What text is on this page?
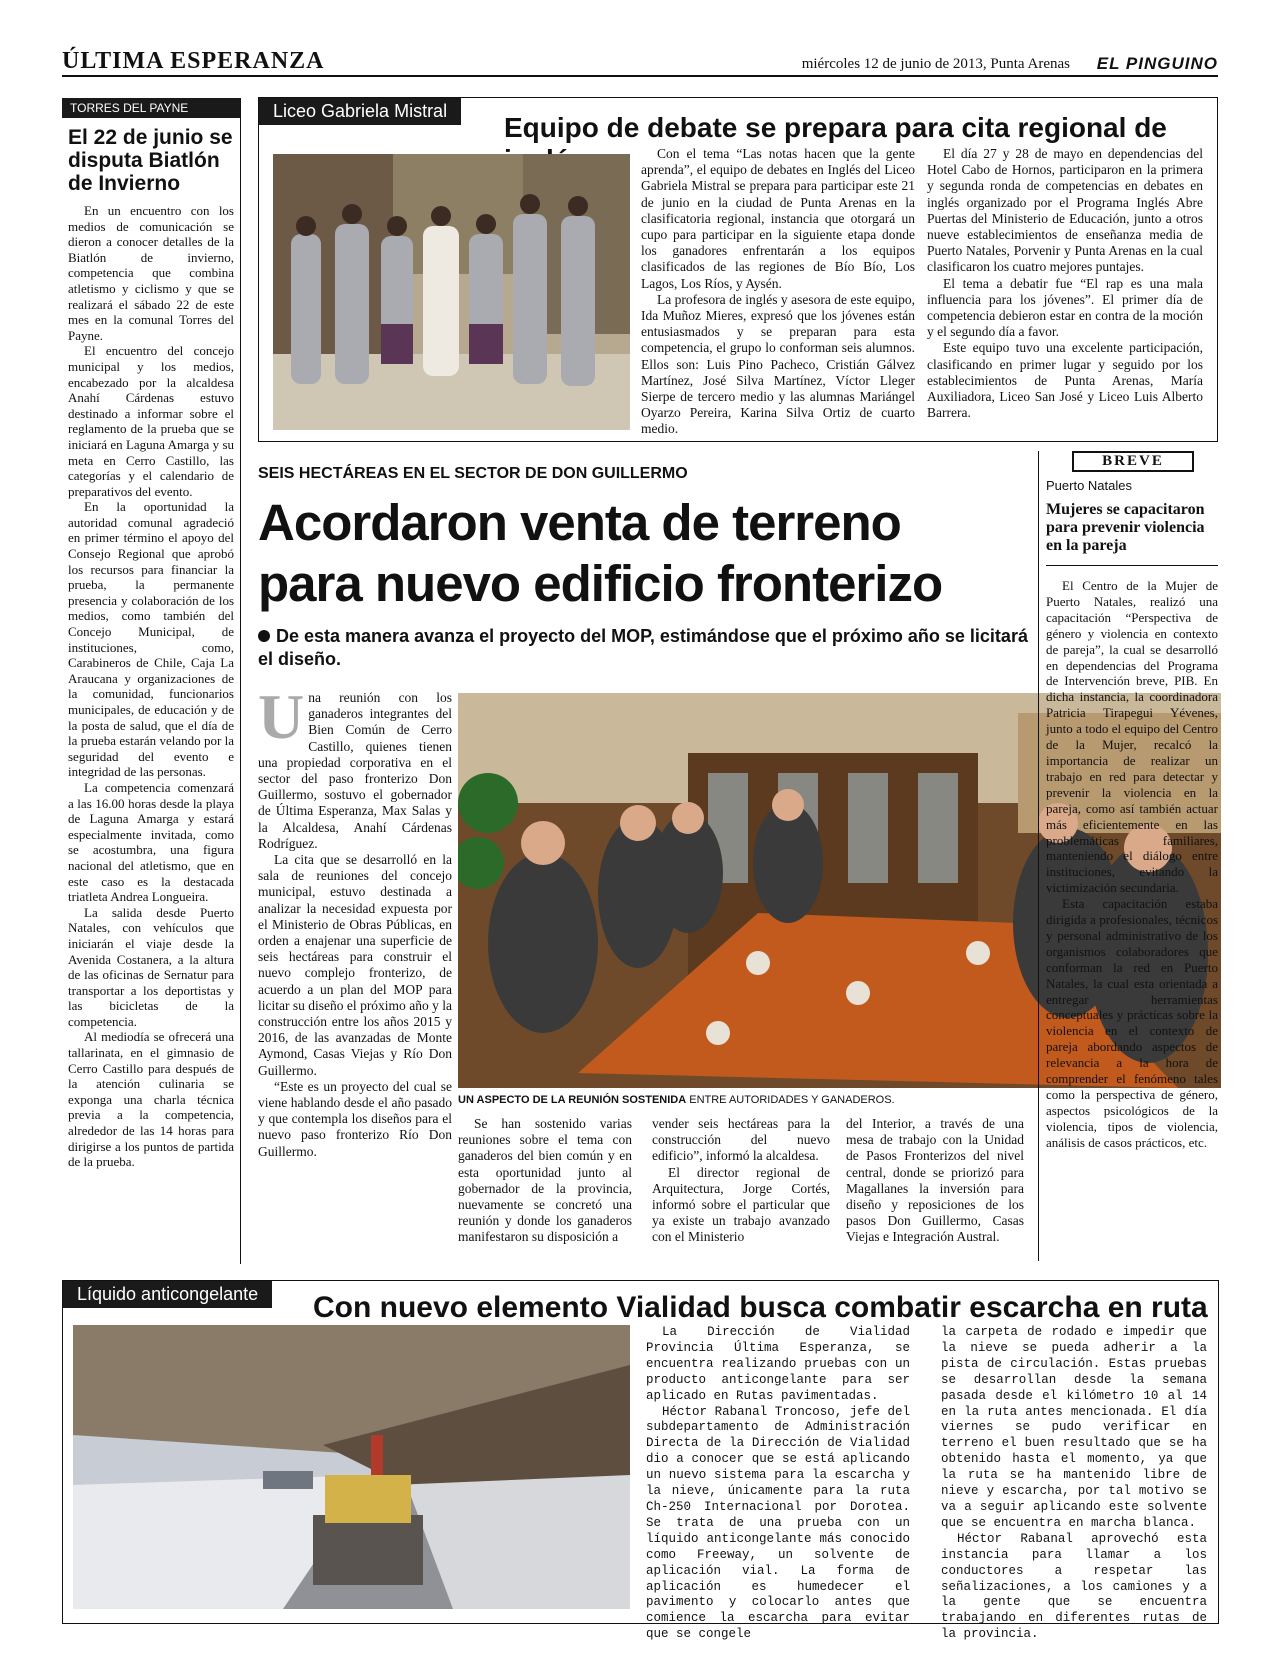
ÚLTIMA ESPERANZA	miércoles 12 de junio de 2013, Punta Arenas EL PINGUINO
TORRES DEL PAYNE
El 22 de junio se disputa Biatlón de Invierno

En un encuentro con los medios de comunicación se dieron a conocer detalles de la Biatlón de invierno, competencia que combina atletismo y ciclismo y que se realizará el sábado 22 de este mes en la comunal Torres del Payne.

El encuentro del concejo municipal y los medios, encabezado por la alcaldesa Anahí Cárdenas estuvo destinado a informar sobre el reglamento de la prueba que se iniciará en Laguna Amarga y su meta en Cerro Castillo, las categorías y el calendario de preparativos del evento.

En la oportunidad la autoridad comunal agradeció en primer término el apoyo del Consejo Regional que aprobó los recursos para financiar la prueba, la permanente presencia y colaboración de los medios, como también del Concejo Municipal, de instituciones, como, Carabineros de Chile, Caja La Araucana y organizaciones de la comunidad, funcionarios municipales, de educación y de la posta de salud, que el día de la prueba estarán velando por la seguridad del evento e integridad de las personas.

La competencia comenzará a las 16.00 horas desde la playa de Laguna Amarga y estará especialmente invitada, como se acostumbra, una figura nacional del atletismo, que en este caso es la destacada triatleta Andrea Longueira.

La salida desde Puerto Natales, con vehículos que iniciarán el viaje desde la Avenida Costanera, a la altura de las oficinas de Sernatur para transportar a los deportistas y las bicicletas de la competencia.

Al mediodía se ofrecerá una tallarinata, en el gimnasio de Cerro Castillo para después de la atención culinaria se exponga una charla técnica previa a la competencia, alrededor de las 14 horas para dirigirse a los puntos de partida de la prueba.

Liceo Gabriela Mistral
Equipo de debate se prepara para cita regional de

Con el tema “Las notas hacen que la gente aprenda”, el equipo de debates en Inglés del Liceo Gabriela Mistral se prepara para participar este 21 de junio en la ciudad de Punta Arenas en la clasificatoria regional, instancia que otorgará un cupo para participar en la siguiente etapa donde los ganadores enfrentarán a los equipos clasificados de las regiones de Bío Bío, Los Lagos, Los Ríos, y Aysén.

La profesora de inglés y asesora de este equipo, Ida Muñoz Mieres, expresó que los jóvenes están entusiasmados y se preparan para esta competencia, el grupo lo conforman seis alumnos. Ellos son: Luis Pino Pacheco, Cristián Gálvez Martínez, José Silva Martínez, Víctor Lleger Sierpe de tercero medio y las alumnas Mariángel Oyarzo Pereira, Karina Silva Ortiz de cuarto medio.

El día 27 y 28 de mayo en dependencias del Hotel Cabo de Hornos, participaron en la primera y segunda ronda de competencias en debates en inglés organizado por el Programa Inglés Abre Puertas del Ministerio de Educación, junto a otros nueve establecimientos de enseñanza media de Puerto Natales, Porvenir y Punta Arenas en la cual clasificaron los cuatro mejores puntajes.

El tema a debatir fue “El rap es una mala influencia para los jóvenes”. El primer día de competencia debieron estar en contra de la moción y el segundo día a favor.

Este equipo tuvo una excelente participación, clasificando en primer lugar y seguido por los establecimientos de Punta Arenas, María Auxiliadora, Liceo San José y Liceo Luis Alberto Barrera.

SEIS HECTÁREAS EN EL SECTOR DE DON GUILLERMO
Acordaron venta de terreno
para nuevo edificio fronterizo
De esta manera avanza el proyecto del MOP, estimándose que el próximo año se licitará el diseño.
Una reunión con los ganaderos integrantes del Bien Común de Cerro Castillo, quienes tienen una propiedad corporativa en el sector del paso fronterizo Don Guillermo, sostuvo el gobernador de Última Esperanza, Max Salas y la Alcaldesa, Anahí Cárdenas Rodríguez.

La cita que se desarrolló en la sala de reuniones del concejo municipal, estuvo destinada a analizar la necesidad expuesta por el Ministerio de Obras Públicas, en orden a enajenar una superficie de seis hectáreas para construir el nuevo complejo fronterizo, de acuerdo a un plan del MOP para licitar su diseño el próximo año y la construcción entre los años 2015 y 2016, de las avanzadas de Monte Aymond, Casas Viejas y Río Don Guillermo.

“Este es un proyecto del cual se viene hablando desde el año pasado y que contempla los diseños para el nuevo paso fronterizo Río Don Guillermo.

UN ASPECTO DE LA REUNIÓN SOSTENIDA ENTRE AUTORIDADES Y GANADEROS.

Se han sostenido varias reuniones sobre el tema con ganaderos del bien común y en esta oportunidad junto al gobernador de la provincia, nuevamente se concretó una reunión y donde los ganaderos manifestaron su disposición a

vender seis hectáreas para la construcción del nuevo edificio”, informó la alcaldesa.

El director regional de Arquitectura, Jorge Cortés, informó sobre el particular que ya existe un trabajo avanzado con el Ministerio

del Interior, a través de una mesa de trabajo con la Unidad de Pasos Fronterizos del nivel central, donde se priorizó para Magallanes la inversión para diseño y reposiciones de los pasos Don Guillermo, Casas Viejas e Integración Austral.

BREVE
Puerto Natales
Mujeres se capacitaron para prevenir violencia en la pareja

El Centro de la Mujer de Puerto Natales, realizó una capacitación “Perspectiva de género y violencia en contexto de pareja”, la cual se desarrolló en dependencias del Programa de Intervención breve, PIB. En dicha instancia, la coordinadora Patricia Tirapegui Yévenes, junto a todo el equipo del Centro de la Mujer, recalcó la importancia de realizar un trabajo en red para detectar y prevenir la violencia en la pareja, como así también actuar más eficientemente en las problemáticas familiares, manteniendo el diálogo entre instituciones, evitando la victimización secundaria.

Esta capacitación estaba dirigida a profesionales, técnicos y personal administrativo de los organismos colaboradores que conforman la red en Puerto Natales, la cual esta orientada a entregar herramientas conceptuales y prácticas sobre la violencia en el contexto de pareja abordando aspectos de relevancia a la hora de comprender el fenómeno tales como la perspectiva de género, aspectos psicológicos de la violencia, tipos de violencia, análisis de casos prácticos, etc.

Líquido anticongelante	Con nuevo elemento Vialidad busca combatir escarcha en ruta

La Dirección de Vialidad Provincia Última Esperanza, se encuentra realizando pruebas con un producto anticongelante para ser aplicado en Rutas pavimentadas.

Héctor Rabanal Troncoso, jefe del subdepartamento de Administración Directa de la Dirección de Vialidad dio a conocer que se está aplicando un nuevo sistema para la escarcha y la nieve, únicamente para la ruta Ch-250 Internacional por Dorotea. Se trata de una prueba con un líquido anticongelante más conocido como Freeway, un solvente de aplicación vial. La forma de aplicación es humedecer el pavimento y colocarlo antes que comience la escarcha para evitar que se congele

la carpeta de rodado e impedir que la nieve se pueda adherir a la pista de circulación. Estas pruebas se desarrollan desde la semana pasada desde el kilómetro 10 al 14 en la ruta antes mencionada. El día viernes se pudo verificar en terreno el buen resultado que se ha obtenido hasta el momento, ya que la ruta se ha mantenido libre de nieve y escarcha, por tal motivo se va a seguir aplicando este solvente que se encuentra en marcha blanca.

Héctor Rabanal aprovechó esta instancia para llamar a los conductores a respetar las señalizaciones, a los camiones y a la gente que se encuentra trabajando en diferentes rutas de la provincia.
